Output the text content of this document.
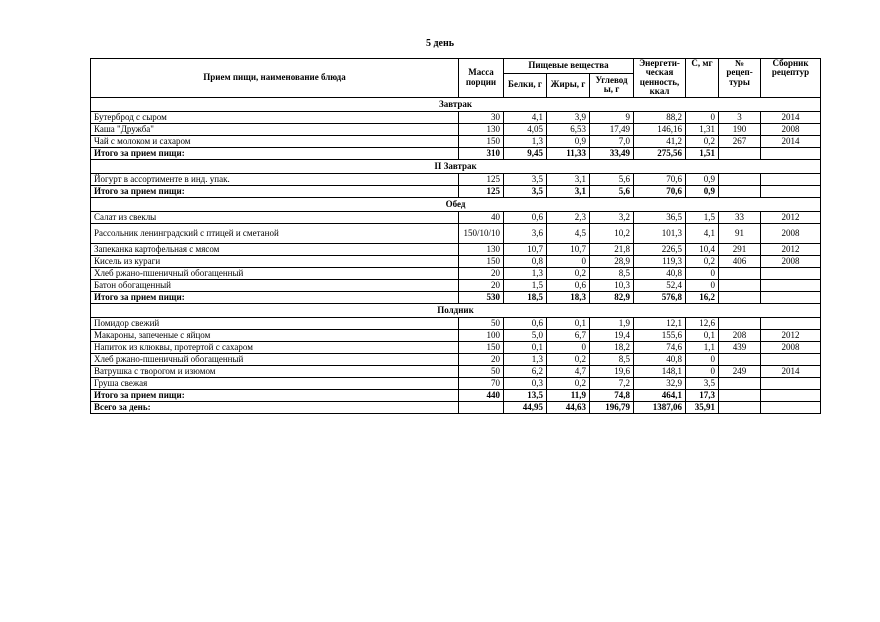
5 день
Прием пищи, наименование блюда	Масса порции	Пищевые вещества			Энергети-ческая ценность, ккал	С, мг	№ рецеп-туры	Сборник рецептур
		Белки, г	Жиры, г	Углевод ы, г				
Завтрак								
Бутерброд с сыром	30	4,1	3,9	9	88,2	0	3	2014
Каша "Дружба"	130	4,05	6,53	17,49	146,16	1,31	190	2008
Чай с молоком и сахаром	150	1,3	0,9	7,0	41,2	0,2	267	2014
Итого за прием пищи:	310	9,45	11,33	33,49	275,56	1,51		
II Завтрак								
Йогурт в ассортименте в инд. упак.	125	3,5	3,1	5,6	70,6	0,9		
Итого за прием пищи:	125	3,5	3,1	5,6	70,6	0,9		
Обед								
Салат из свеклы	40	0,6	2,3	3,2	36,5	1,5	33	2012
Рассольник ленинградский с птицей и сметаной	150/10/10	3,6	4,5	10,2	101,3	4,1	91	2008
Запеканка картофельная с мясом	130	10,7	10,7	21,8	226,5	10,4	291	2012
Кисель из кураги	150	0,8	0	28,9	119,3	0,2	406	2008
Хлеб ржано-пшеничный обогащенный	20	1,3	0,2	8,5	40,8	0		
Батон обогащенный	20	1,5	0,6	10,3	52,4	0		
Итого за прием пищи:	530	18,5	18,3	82,9	576,8	16,2		
Полдник								
Помидор свежий	50	0,6	0,1	1,9	12,1	12,6		
Макароны, запеченые с яйцом	100	5,0	6,7	19,4	155,6	0,1	208	2012
Напиток из клюквы, протертой с сахаром	150	0,1	0	18,2	74,6	1,1	439	2008
Хлеб ржано-пшеничный обогащенный	20	1,3	0,2	8,5	40,8	0		
Ватрушка с творогом и изюмом	50	6,2	4,7	19,6	148,1	0	249	2014
Груша свежая	70	0,3	0,2	7,2	32,9	3,5		
Итого за прием пищи:	440	13,5	11,9	74,8	464,1	17,3		
Всего за день:		44,95	44,63	196,79	1387,06	35,91		
